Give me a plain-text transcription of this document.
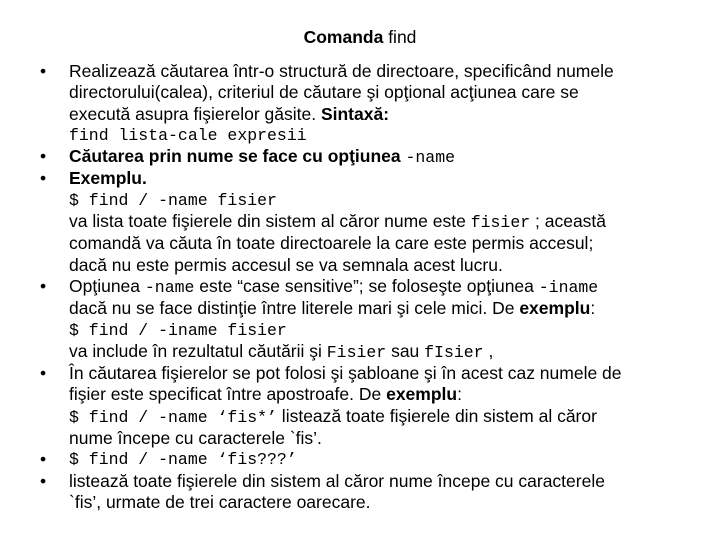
Comanda find
•	Realizează căutarea într-o structură de directoare, specificând numele
directorului(calea), criteriul de căutare şi opţional acţiunea care se
execută asupra fişierelor găsite. Sintaxă:
find lista-cale expresii
•	Căutarea prin nume se face cu opţiunea -name
•	Exemplu.
$ find / -name fisier
va lista toate fişierele din sistem al căror nume este fisier ; această
comandă va căuta în toate directoarele la care este permis accesul;
dacă nu este permis accesul se va semnala acest lucru.
•	Opţiunea -name este “case sensitive”; se foloseşte opţiunea -iname
dacă nu se face distinţie între literele mari şi cele mici. De exemplu:
$ find / -iname fisier
va include în rezultatul căutării şi Fisier sau fIsier ,
•	În căutarea fişierelor se pot folosi şi şabloane şi în acest caz numele de
fişier este specificat între apostroafe. De exemplu:
$ find / -name ‘fis*’ listează toate fişierele din sistem al căror
nume începe cu caracterele `fis’.
•	$ find / -name ‘fis???’
•	listează toate fişierele din sistem al căror nume începe cu caracterele
`fis’, urmate de trei caractere oarecare.
